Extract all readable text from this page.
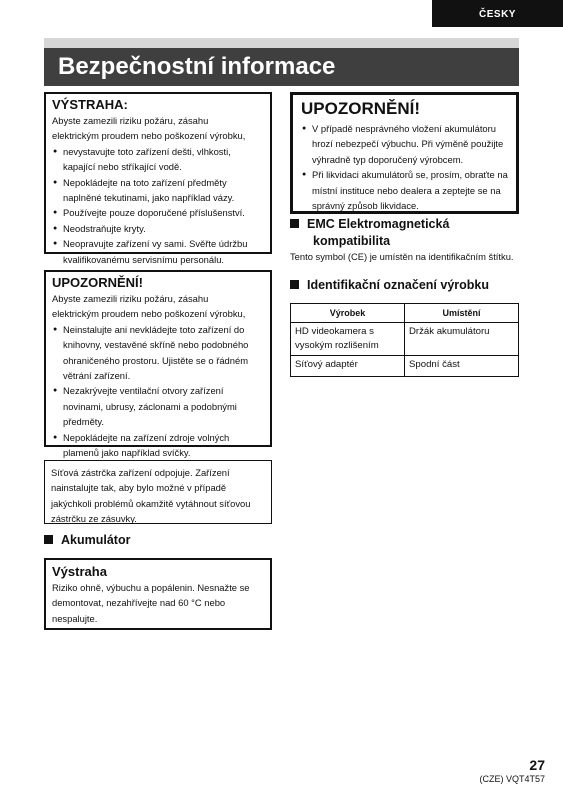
ČESKY
Bezpečnostní informace
VÝSTRAHA:
Abyste zamezili riziku požáru, zásahu
elektrickým proudem nebo poškození výrobku,
● nevystavujte toto zařízení dešti, vlhkosti, kapající nebo stříkající vodě.
● Nepokládejte na toto zařízení předměty naplněné tekutinami, jako například vázy.
● Používejte pouze doporučené příslušenství.
● Neodstraňujte kryty.
● Neopravujte zařízení vy sami. Svěřte údržbu kvalifikovanému servisnímu personálu.
UPOZORNĚNÍ!
Abyste zamezili riziku požáru, zásahu
elektrickým proudem nebo poškození výrobku,
● Neinstalujte ani nevkládejte toto zařízení do knihovny, vestavěné skříně nebo podobného ohraničeného prostoru. Ujistěte se o řádném větrání zařízení.
● Nezakrývejte ventilační otvory zařízení novinami, ubrusy, záclonami a podobnými předměty.
● Nepokládejte na zařízení zdroje volných plamenů jako například svíčky.
Síťová zástrčka zařízení odpojuje. Zařízení nainstalujte tak, aby bylo možné v případě jakýchkoli problémů okamžitě vytáhnout síťovou zástrčku ze zásuvky.
Akumulátor
Výstraha
Riziko ohně, výbuchu a popálenin. Nesnažte se demontovat, nezahřívejte nad 60 °C nebo nespalujte.
UPOZORNĚNÍ!
● V případě nesprávného vložení akumulátoru hrozí nebezpečí výbuchu. Při výměně použijte výhradně typ doporučený výrobcem.
● Při likvidaci akumulátorů se, prosím, obraťte na místní instituce nebo dealera a zeptejte se na správný způsob likvidace.
EMC Elektromagnetická
kompatibilita
Tento symbol (CE) je umístěn na identifikačním štítku.
Identifikační označení výrobku
Výrobek	Umístění
HD videokamera s vysokým rozlišením	Držák akumulátoru
Síťový adaptér	Spodní část
27
(CZE) VQT4T57
